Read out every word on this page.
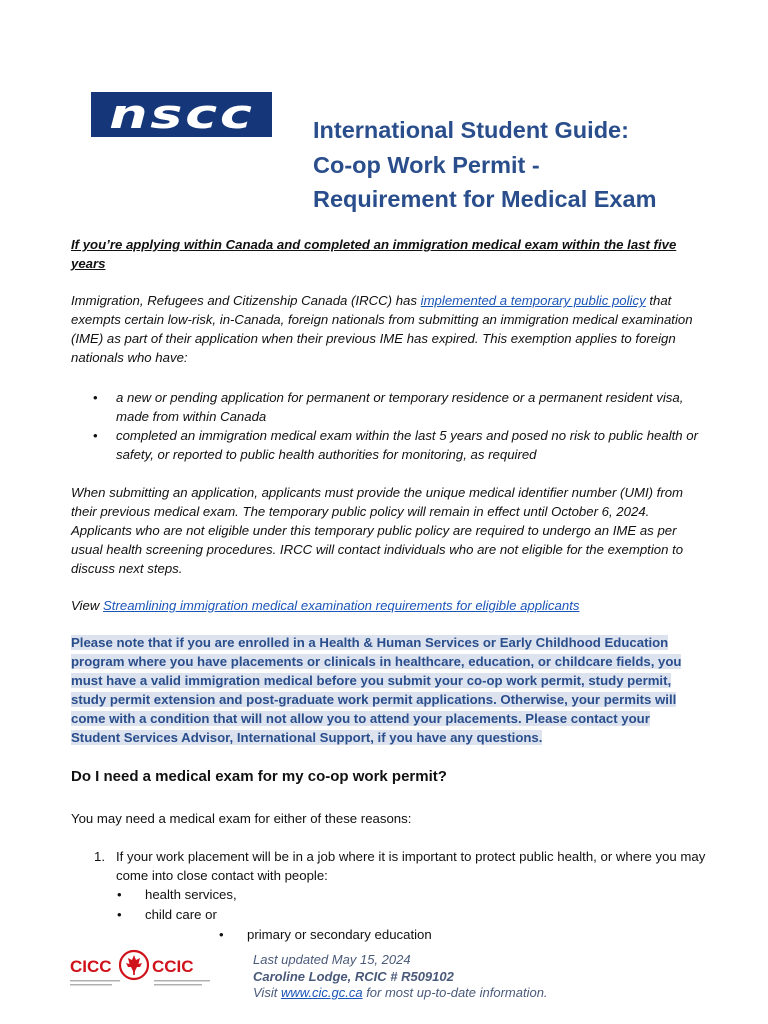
nscc	International Student Guide:
Co-op Work Permit -
Requirement for Medical Exam
If you’re applying within Canada and completed an immigration medical exam within the last five years
Immigration, Refugees and Citizenship Canada (IRCC) has implemented a temporary public policy that exempts certain low-risk, in-Canada, foreign nationals from submitting an immigration medical examination (IME) as part of their application when their previous IME has expired. This exemption applies to foreign nationals who have:
• a new or pending application for permanent or temporary residence or a permanent resident visa, made from within Canada
• completed an immigration medical exam within the last 5 years and posed no risk to public health or safety, or reported to public health authorities for monitoring, as required
When submitting an application, applicants must provide the unique medical identifier number (UMI) from their previous medical exam. The temporary public policy will remain in effect until October 6, 2024. Applicants who are not eligible under this temporary public policy are required to undergo an IME as per usual health screening procedures. IRCC will contact individuals who are not eligible for the exemption to discuss next steps.
View Streamlining immigration medical examination requirements for eligible applicants
Please note that if you are enrolled in a Health & Human Services or Early Childhood Education program where you have placements or clinicals in healthcare, education, or childcare fields, you must have a valid immigration medical before you submit your co-op work permit, study permit, study permit extension and post-graduate work permit applications. Otherwise, your permits will come with a condition that will not allow you to attend your placements. Please contact your Student Services Advisor, International Support, if you have any questions.
Do I need a medical exam for my co-op work permit?
You may need a medical exam for either of these reasons:
1. If your work placement will be in a job where it is important to protect public health, or where you may come into close contact with people:
• health services,
• child care or
• primary or secondary education
CICC CCIC	Last updated May 15, 2024
Caroline Lodge, RCIC # R509102
Visit www.cic.gc.ca for most up-to-date information.
